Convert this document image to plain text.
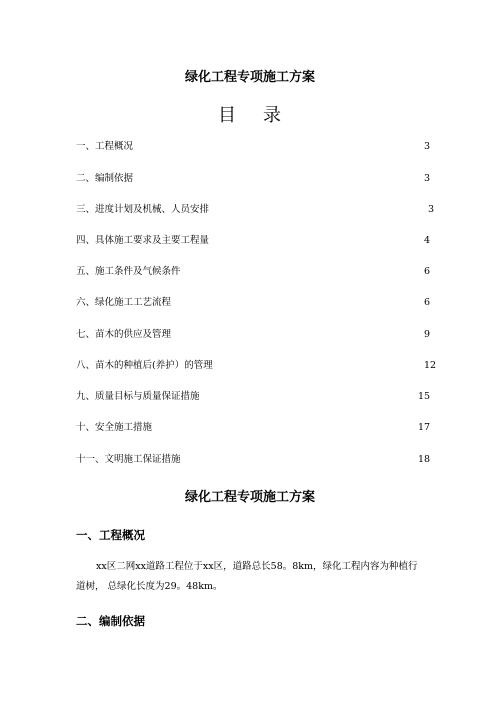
绿化工程专项施工方案
目 录
一、工程概况	3
二、编制依据	3
三、进度计划及机械、人员安排	3
四、具体施工要求及主要工程量	4
五、施工条件及气候条件	6
六、绿化施工工艺流程	6
七、苗木的供应及管理	9
八、苗木的种植后(养护）的管理	12
九、质量目标与质量保证措施	15
十、安全施工措施	17
十一、文明施工保证措施	18
绿化工程专项施工方案
一、工程概况

xx区二网xx道路工程位于xx区，道路总长58。8km，绿化工程内容为种植行道树， 总绿化长度为29。48km。

二、编制依据
